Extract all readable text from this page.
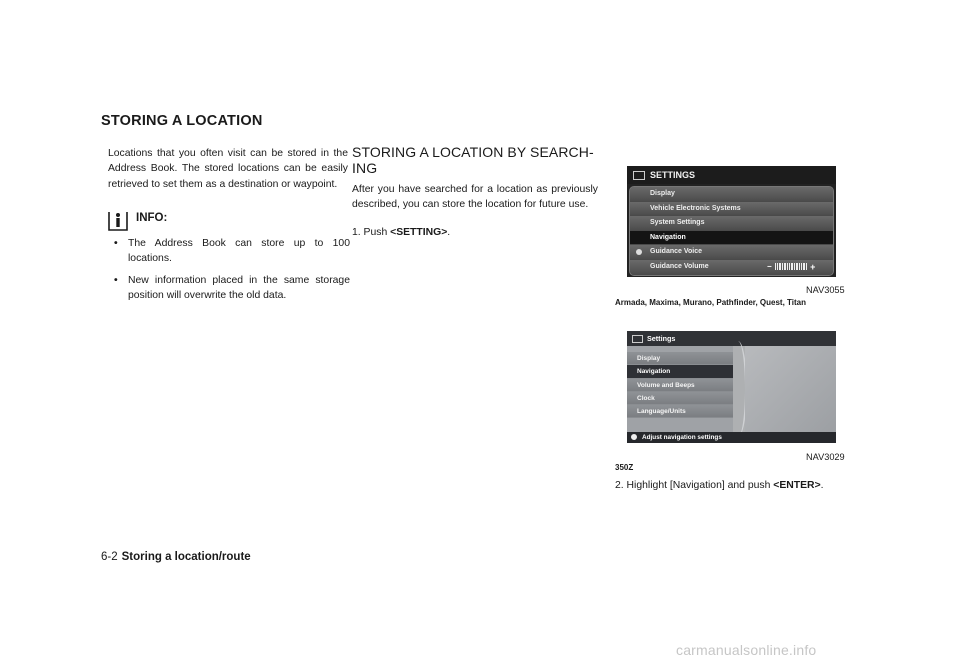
STORING A LOCATION
Locations that you often visit can be stored in the Address Book. The stored locations can be easily retrieved to set them as a destination or waypoint.
INFO:
• The Address Book can store up to 100 locations.
• New information placed in the same storage position will overwrite the old data.
STORING A LOCATION BY SEARCH-
ING
After you have searched for a location as previously described, you can store the location for future use.
1. Push <SETTING>.
SETTINGS
Display
Vehicle Electronic Systems
System Settings
Navigation
Guidance Voice
Guidance Volume	−	+
NAV3055
Armada, Maxima, Murano, Pathfinder, Quest, Titan
Settings
Display
Navigation
Volume and Beeps
Clock
Language/Units
Adjust navigation settings
NAV3029
350Z
2. Highlight [Navigation] and push <ENTER>.
6-2 Storing a location/route
carmanualsonline.info
